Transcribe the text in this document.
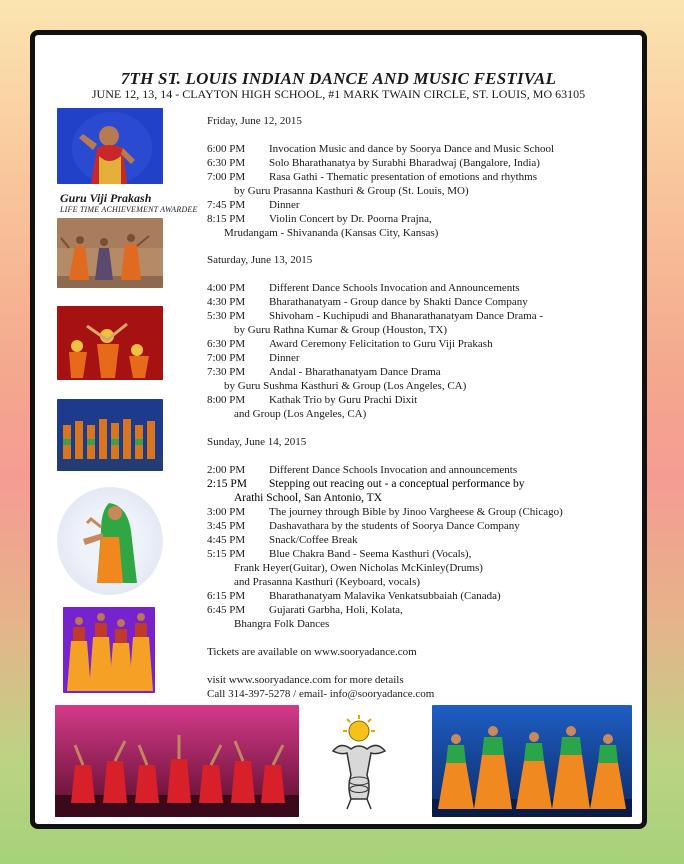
7TH ST. LOUIS INDIAN DANCE AND MUSIC FESTIVAL
JUNE 12, 13, 14 - CLAYTON HIGH SCHOOL, #1 MARK TWAIN CIRCLE, ST. LOUIS, MO 63105
Guru Viji Prakash
LIFE TIME ACHIEVEMENT AWARDEE
Friday, June 12, 2015
6:00 PM Invocation Music and dance by Soorya Dance and Music School
6:30 PM Solo Bharathanatya by Surabhi Bharadwaj (Bangalore, India)
7:00 PM Rasa Gathi - Thematic presentation of emotions and rhythms
by Guru Prasanna Kasthuri & Group (St. Louis, MO)
7:45 PM Dinner
8:15 PM Violin Concert by Dr. Poorna Prajna,
Mrudangam - Shivananda (Kansas City, Kansas)
Saturday, June 13, 2015
4:00 PM Different Dance Schools Invocation and Announcements
4:30 PM Bharathanatyam - Group dance by Shakti Dance Company
5:30 PM Shivoham - Kuchipudi and Bhanarathanatyam Dance Drama -
by Guru Rathna Kumar & Group (Houston, TX)
6:30 PM Award Ceremony Felicitation to Guru Viji Prakash
7:00 PM Dinner
7:30 PM Andal - Bharathanatyam Dance Drama
by Guru Sushma Kasthuri & Group (Los Angeles, CA)
8:00 PM Kathak Trio by Guru Prachi Dixit
and Group (Los Angeles, CA)
Sunday, June 14, 2015
2:00 PM Different Dance Schools Invocation and announcements
2:15 PM Stepping out reacing out - a conceptual performance by
Arathi School, San Antonio, TX
3:00 PM The journey through Bible by Jinoo Vargheese & Group (Chicago)
3:45 PM Dashavathara by the students of Soorya Dance Company
4:45 PM Snack/Coffee Break
5:15 PM Blue Chakra Band - Seema Kasthuri (Vocals),
Frank Heyer(Guitar), Owen Nicholas McKinley(Drums)
and Prasanna Kasthuri (Keyboard, vocals)
6:15 PM Bharathanatyam Malavika Venkatsubbaiah (Canada)
6:45 PM Gujarati Garbha, Holi, Kolata,
Bhangra Folk Dances
Tickets are available on www.sooryadance.com
visit www.sooryadance.com for more details
Call 314-397-5278 / email- info@sooryadance.com
